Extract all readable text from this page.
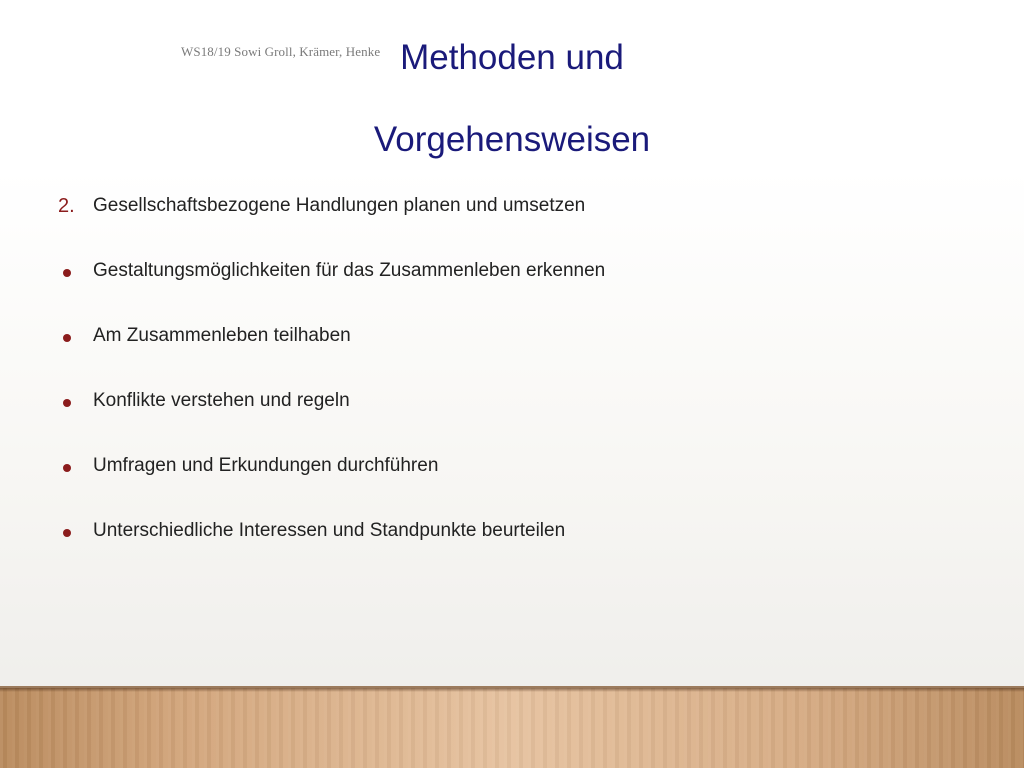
WS18/19 Sowi Groll, Krämer, Henke Methoden und
Vorgehensweisen
2. Gesellschaftsbezogene Handlungen planen und umsetzen
Gestaltungsmöglichkeiten für das Zusammenleben erkennen
Am Zusammenleben teilhaben
Konflikte verstehen und regeln
Umfragen und Erkundungen durchführen
Unterschiedliche Interessen und Standpunkte beurteilen
